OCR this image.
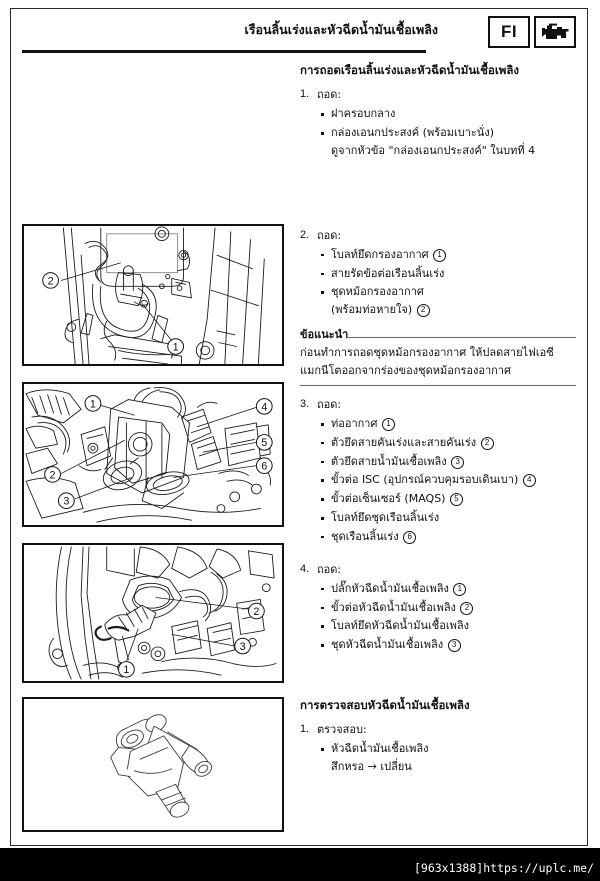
เรือนลิ้นเร่งและหัวฉีดน้ำมันเชื้อเพลิง	FI
2
1
1
2
3
4
5
6
1
2
3
การถอดเรือนลิ้นเร่งและหัวฉีดน้ำมันเชื้อเพลิง
1. ถอด:
ฝาครอบกลาง
กล่องเอนกประสงค์ (พร้อมเบาะนั่ง)
ดูจากหัวข้อ "กล่องเอนกประสงค์" ในบทที่ 4
2. ถอด:
โบลท์ยึดกรองอากาศ 1
สายรัดข้อต่อเรือนลิ้นเร่ง
ชุดหม้อกรองอากาศ
(พร้อมท่อหายใจ) 2
ข้อแนะนำ
ก่อนทำการถอดชุดหม้อกรองอากาศ ให้ปลดสายไฟเอซี
แมกนีโตออกจากร่องของชุดหม้อกรองอากาศ
3. ถอด:
ท่ออากาศ 1
ตัวยึดสายคันเร่งและสายคันเร่ง 2
ตัวยึดสายน้ำมันเชื้อเพลิง 3
ขั้วต่อ ISC (อุปกรณ์ควบคุมรอบเดินเบา) 4
ขั้วต่อเซ็นเซอร์ (MAQS) 5
โบลท์ยึดชุดเรือนลิ้นเร่ง
ชุดเรือนลิ้นเร่ง 6
4. ถอด:
ปลั๊กหัวฉีดน้ำมันเชื้อเพลิง 1
ขั้วต่อหัวฉีดน้ำมันเชื้อเพลิง 2
โบลท์ยึดหัวฉีดน้ำมันเชื้อเพลิง
ชุดหัวฉีดน้ำมันเชื้อเพลิง 3
การตรวจสอบหัวฉีดน้ำมันเชื้อเพลิง
1. ตรวจสอบ:
หัวฉีดน้ำมันเชื้อเพลิง
สึกหรอ → เปลี่ยน
[963x1388]https://uplc.me/
